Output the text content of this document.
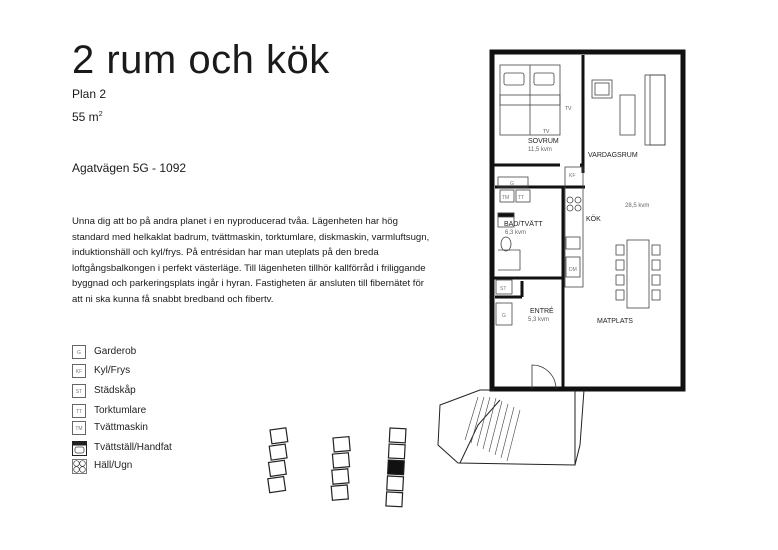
2 rum och kök
Plan 2
55 $m^2$
Agatvägen 5G - 1092

Unna dig att bo på andra planet i en nyproducerad tvåa. Lägenheten har hög standard med helkaklat badrum, tvättmaskin, torktumlare, diskmaskin, varmluftsugn, induktionshäll och kyl/frys. På entrésidan har man uteplats på den breda loftgångsbalkongen i perfekt västerläge. Till lägenheten tillhör kallförråd i friliggande byggnad och parkeringsplats ingår i hyran. Fastigheten är ansluten till fibernätet för att ni ska kunna få snabbt bredband och fibertv.

G	Garderob
KF	Kyl/Frys
ST	Städskåp
TT	Torktumlare
TM	Tvättmaskin
Tvättställ/Handfat
Häll/Ugn
TV
TV
KF
DM
G
TM TT
ST
G
SOVRUM
11,5 kvm
VARDAGSRUM
28,5 kvm
KÖK
BAD/TVÄTT
6,3 kvm
ENTRÉ
5,3 kvm	MATPLATS
